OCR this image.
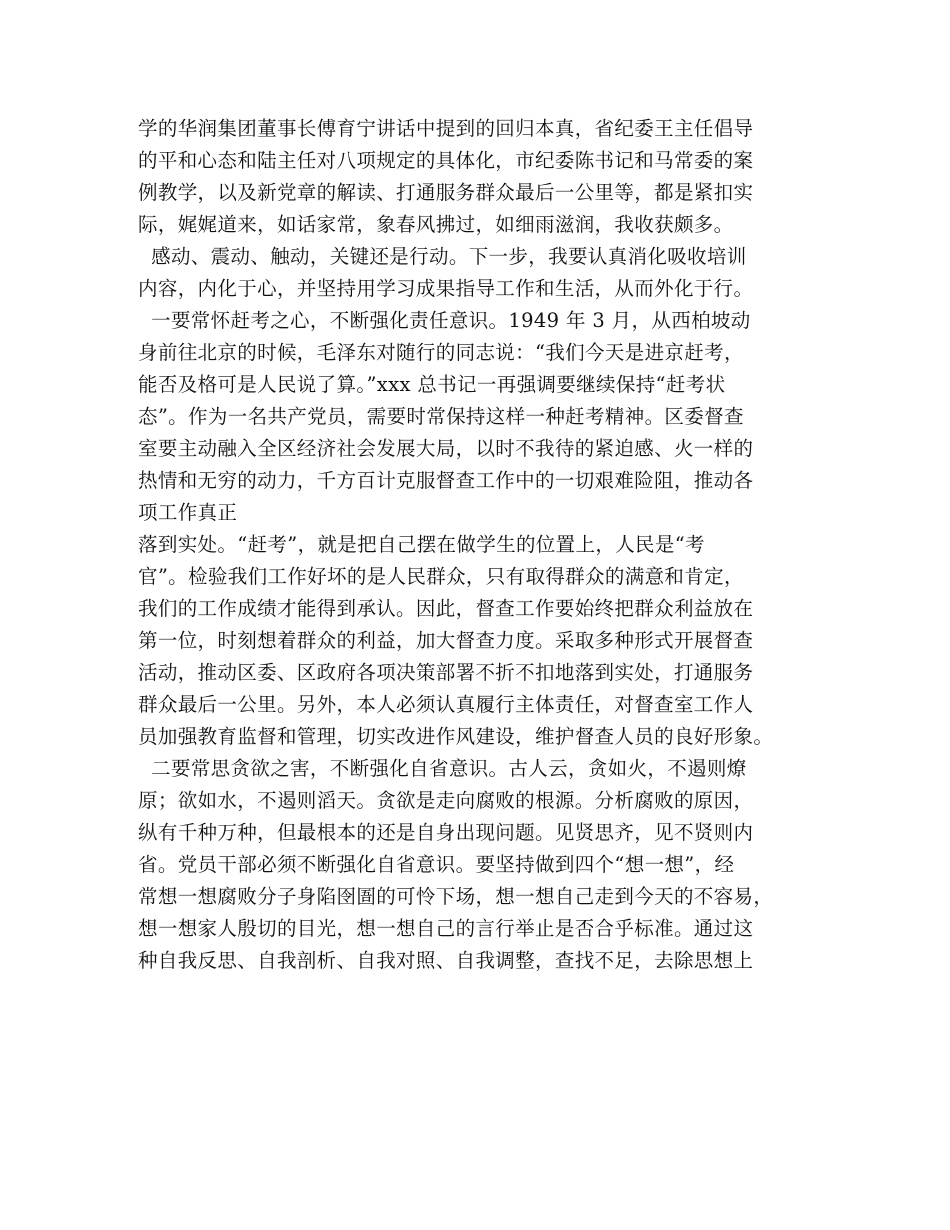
学的华润集团董事长傅育宁讲话中提到的回归本真，省纪委王主任倡导

的平和心态和陆主任对八项规定的具体化，市纪委陈书记和马常委的案

例教学，以及新党章的解读、打通服务群众最后一公里等，都是紧扣实

际，娓娓道来，如话家常，象春风拂过，如细雨滋润，我收获颇多。

感动、震动、触动，关键还是行动。下一步，我要认真消化吸收培训

内容，内化于心，并坚持用学习成果指导工作和生活，从而外化于行。

一要常怀赶考之心，不断强化责任意识。1949 年 3 月，从西柏坡动

身前往北京的时候，毛泽东对随行的同志说：“我们今天是进京赶考，

能否及格可是人民说了算。”xxx 总书记一再强调要继续保持“赶考状

态”。作为一名共产党员，需要时常保持这样一种赶考精神。区委督查

室要主动融入全区经济社会发展大局，以时不我待的紧迫感、火一样的

热情和无穷的动力，千方百计克服督查工作中的一切艰难险阻，推动各

项工作真正

落到实处。“赶考”，就是把自己摆在做学生的位置上，人民是“考

官”。检验我们工作好坏的是人民群众，只有取得群众的满意和肯定，

我们的工作成绩才能得到承认。因此，督查工作要始终把群众利益放在

第一位，时刻想着群众的利益，加大督查力度。采取多种形式开展督查

活动，推动区委、区政府各项决策部署不折不扣地落到实处，打通服务

群众最后一公里。另外，本人必须认真履行主体责任，对督查室工作人

员加强教育监督和管理，切实改进作风建设，维护督查人员的良好形象。

二要常思贪欲之害，不断强化自省意识。古人云，贪如火，不遏则燎

原；欲如水，不遏则滔天。贪欲是走向腐败的根源。分析腐败的原因，

纵有千种万种，但最根本的还是自身出现问题。见贤思齐，见不贤则内

省。党员干部必须不断强化自省意识。要坚持做到四个“想一想”，经

常想一想腐败分子身陷囹圄的可怜下场，想一想自己走到今天的不容易，

想一想家人殷切的目光，想一想自己的言行举止是否合乎标准。通过这

种自我反思、自我剖析、自我对照、自我调整，查找不足，去除思想上
